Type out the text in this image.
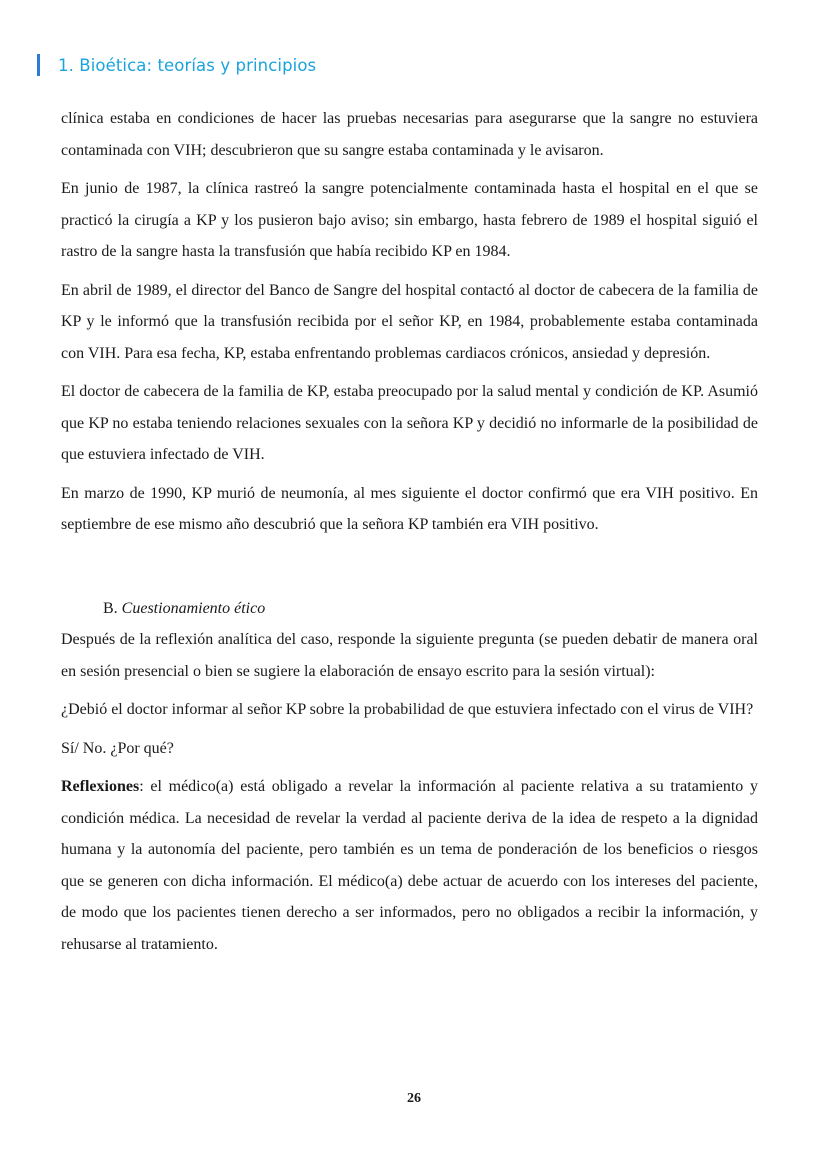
1. Bioética: teorías y principios

clínica estaba en condiciones de hacer las pruebas necesarias para asegurarse que la sangre no estuviera contaminada con VIH; descubrieron que su sangre estaba contaminada y le avisaron.

En junio de 1987, la clínica rastreó la sangre potencialmente contaminada hasta el hospital en el que se practicó la cirugía a KP y los pusieron bajo aviso; sin embargo, hasta febrero de 1989 el hospital siguió el rastro de la sangre hasta la transfusión que había recibido KP en 1984.

En abril de 1989, el director del Banco de Sangre del hospital contactó al doctor de cabecera de la familia de KP y le informó que la transfusión recibida por el señor KP, en 1984, probablemente estaba contaminada con VIH. Para esa fecha, KP, estaba enfrentando problemas cardiacos crónicos, ansiedad y depresión.

El doctor de cabecera de la familia de KP, estaba preocupado por la salud mental y condición de KP. Asumió que KP no estaba teniendo relaciones sexuales con la señora KP y decidió no informarle de la posibilidad de que estuviera infectado de VIH.

En marzo de 1990, KP murió de neumonía, al mes siguiente el doctor confirmó que era VIH positivo. En septiembre de ese mismo año descubrió que la señora KP también era VIH positivo.

B. Cuestionamiento ético

Después de la reflexión analítica del caso, responde la siguiente pregunta (se pueden debatir de manera oral en sesión presencial o bien se sugiere la elaboración de ensayo escrito para la sesión virtual):

¿Debió el doctor informar al señor KP sobre la probabilidad de que estuviera infectado con el virus de VIH?

Sí/ No. ¿Por qué?

Reflexiones: el médico(a) está obligado a revelar la información al paciente relativa a su tratamiento y condición médica. La necesidad de revelar la verdad al paciente deriva de la idea de respeto a la dignidad humana y la autonomía del paciente, pero también es un tema de ponderación de los beneficios o riesgos que se generen con dicha información. El médico(a) debe actuar de acuerdo con los intereses del paciente, de modo que los pacientes tienen derecho a ser informados, pero no obligados a recibir la información, y rehusarse al tratamiento.

26
